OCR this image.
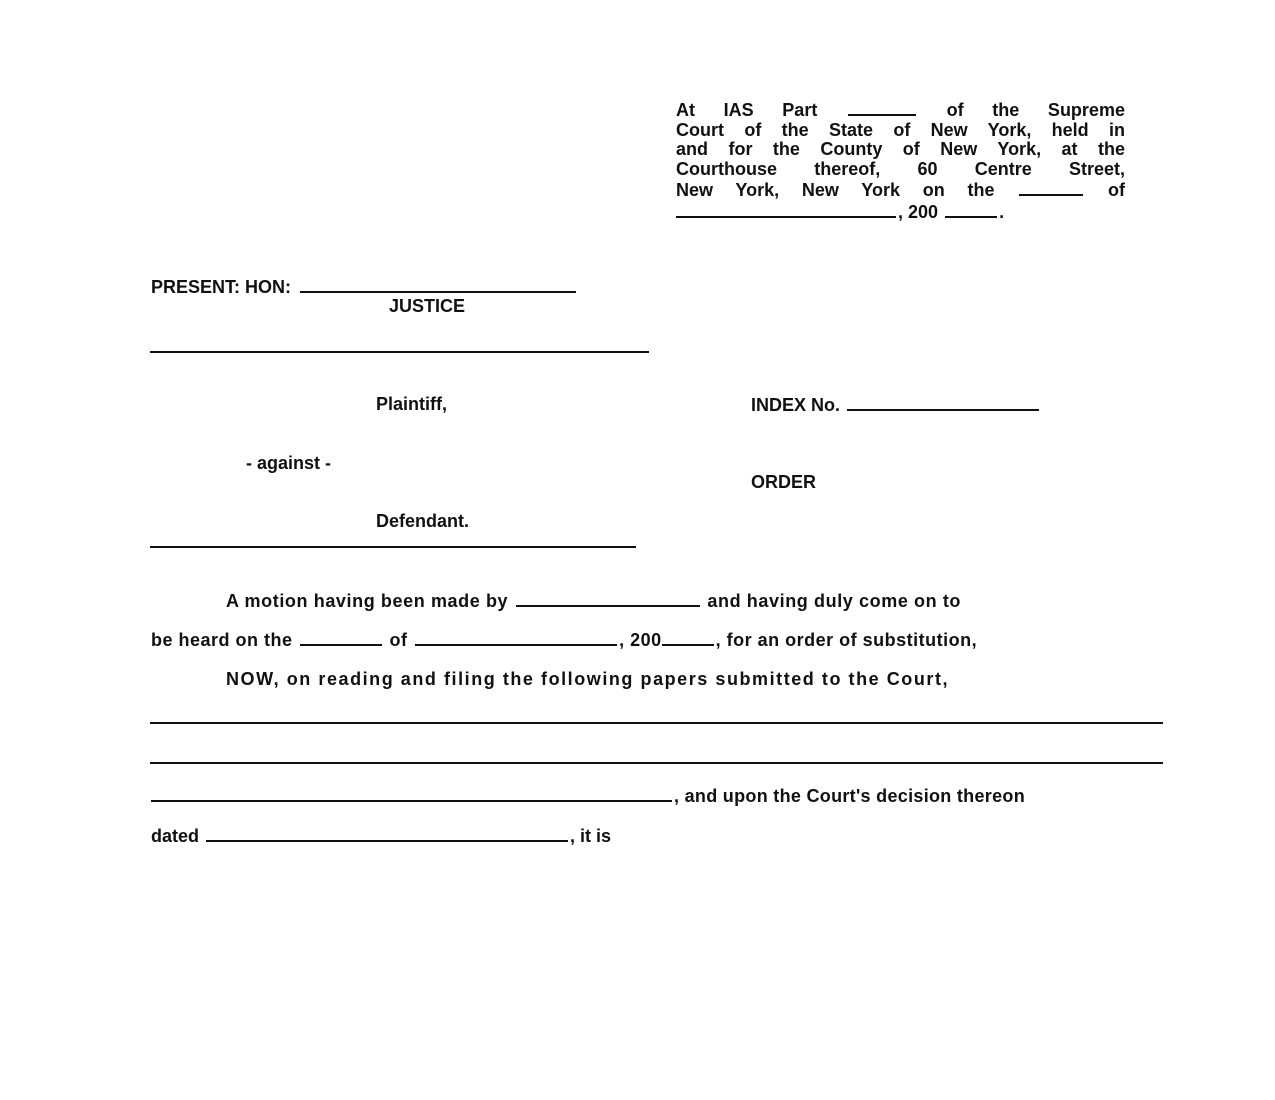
At IAS Part	of the Supreme
Court of the State of New York, held in
and for the County of New York, at the
Courthouse thereof, 60 Centre Street,
New York, New York on the	of
, 200	.
PRESENT: HON:
JUSTICE
Plaintiff,	INDEX No.
- against -
ORDER
Defendant.
A motion having been made by	and having duly come on to
be heard on the	of	, 200	, for an order of substitution,
NOW, on reading and filing the following papers submitted to the Court,
, and upon the Court's decision thereon
dated	, it is
